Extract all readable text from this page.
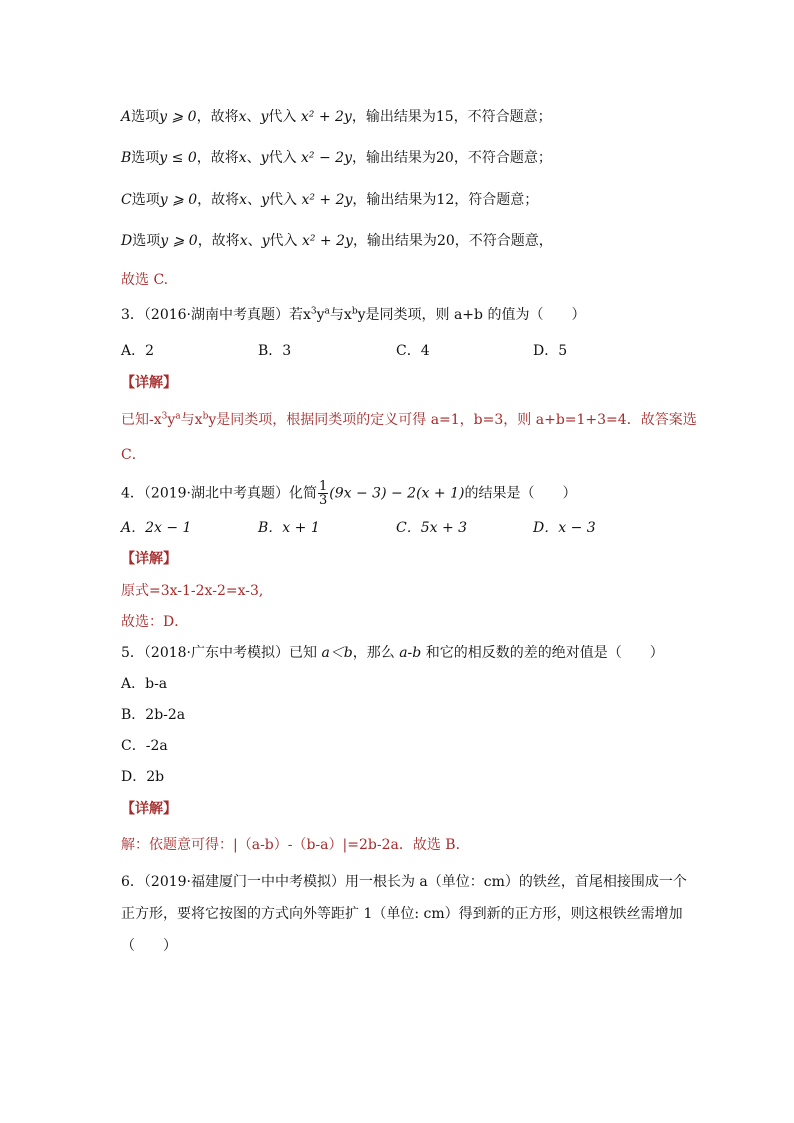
A选项y ⩾ 0，故将x、y代入 x² + 2y，输出结果为15，不符合题意；
B选项y ≤ 0，故将x、y代入 x² − 2y，输出结果为20，不符合题意；
C选项y ⩾ 0，故将x、y代入 x² + 2y，输出结果为12，符合题意；
D选项y ⩾ 0，故将x、y代入 x² + 2y，输出结果为20，不符合题意，
故选 C.
3．（2016·湖南中考真题）若$x^3y^a$与$x^by$是同类项，则 a+b 的值为（　　）
A．2	B．3	C．4	D．5
【详解】
已知$-x^3y^a$与$x^by$是同类项，根据同类项的定义可得 a=1，b=3，则 a+b=1+3=4．故答案选
C．
4．（2019·湖北中考真题）化简 $\frac{1}{3} (9x - 3) - 2(x + 1)$的结果是（　　）
A．2x − 1	B．x + 1	C．5x + 3	D．x − 3
【详解】
原式=3x-1-2x-2=x-3,
故选：D．
5．（2018·广东中考模拟）已知 a＜b，那么 a-b 和它的相反数的差的绝对值是（　　）
A．b-a
B．2b-2a
C．-2a
D．2b
【详解】
解：依题意可得：|（a-b）-（b-a）|=2b-2a．故选 B．
6．（2019·福建厦门一中中考模拟）用一根长为 a（单位：cm）的铁丝，首尾相接围成一个
正方形，要将它按图的方式向外等距扩 1（单位: cm）得到新的正方形，则这根铁丝需增加
（　　）
